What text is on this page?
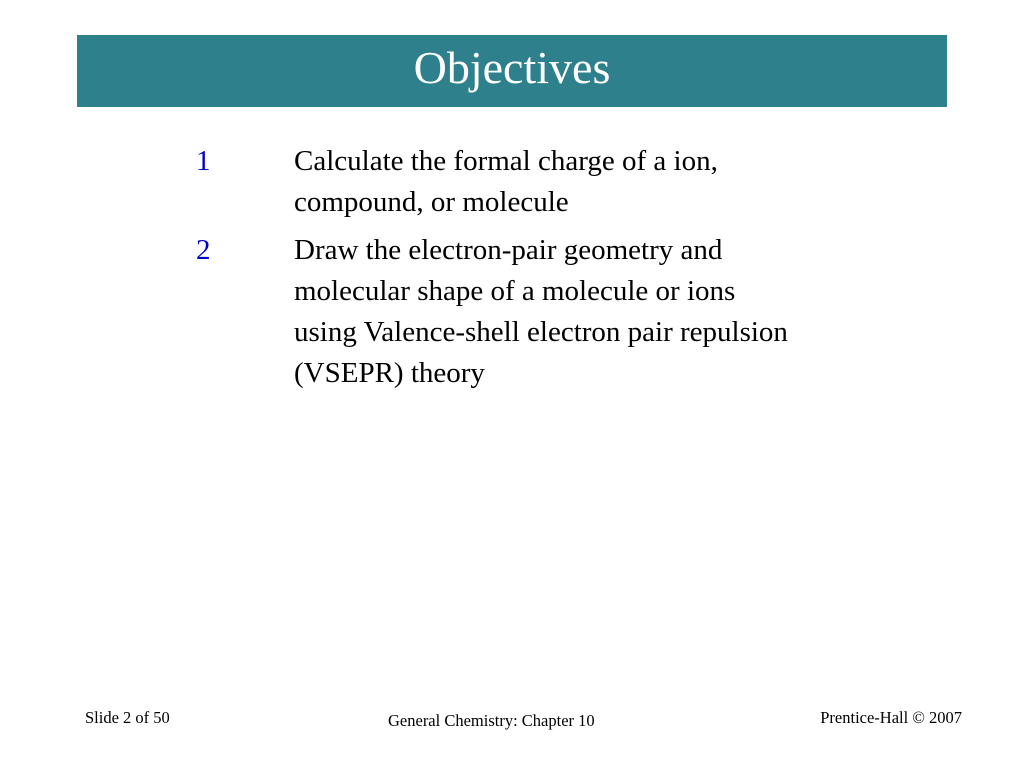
Objectives
1	Calculate the formal charge of a ion,
compound, or molecule
2	Draw the electron-pair geometry and
molecular shape of a molecule or ions
using Valence-shell electron pair repulsion
(VSEPR) theory
Slide 2 of 50	General Chemistry: Chapter 10	Prentice-Hall © 2007
